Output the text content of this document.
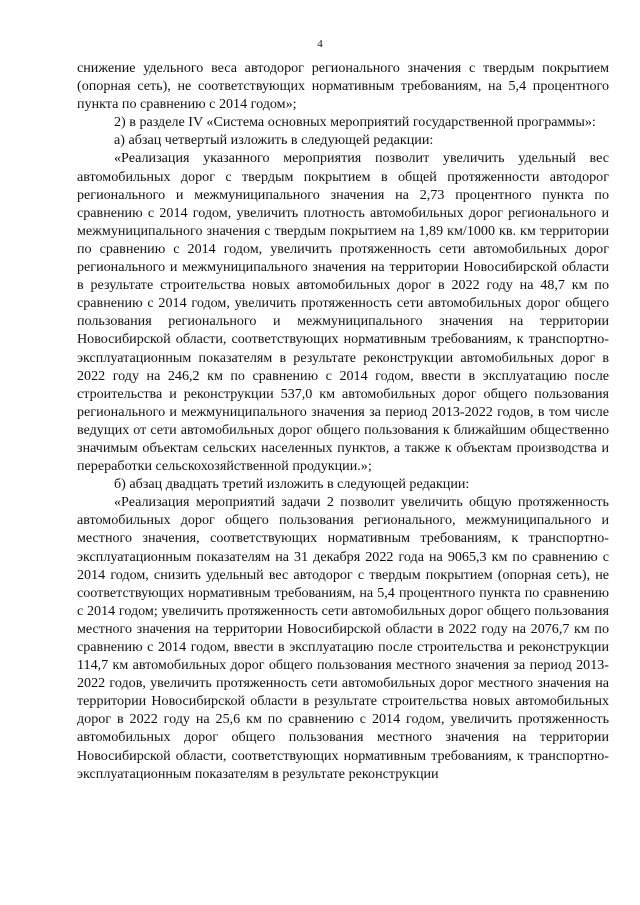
4

снижение удельного веса автодорог регионального значения с твердым покрытием (опорная сеть), не соответствующих нормативным требованиям, на 5,4 процентного пункта по сравнению с 2014 годом»;

2) в разделе IV «Система основных мероприятий государственной программы»:

а) абзац четвертый изложить в следующей редакции:

«Реализация указанного мероприятия позволит увеличить удельный вес автомобильных дорог с твердым покрытием в общей протяженности автодорог регионального и межмуниципального значения на 2,73 процентного пункта по сравнению с 2014 годом, увеличить плотность автомобильных дорог регионального и межмуниципального значения с твердым покрытием на 1,89 км/1000 кв. км территории по сравнению с 2014 годом, увеличить протяженность сети автомобильных дорог регионального и межмуниципального значения на территории Новосибирской области в результате строительства новых автомобильных дорог в 2022 году на 48,7 км по сравнению с 2014 годом, увеличить протяженность сети автомобильных дорог общего пользования регионального и межмуниципального значения на территории Новосибирской области, соответствующих нормативным требованиям, к транспортно-эксплуатационным показателям в результате реконструкции автомобильных дорог в 2022 году на 246,2 км по сравнению с 2014 годом, ввести в эксплуатацию после строительства и реконструкции 537,0 км автомобильных дорог общего пользования регионального и межмуниципального значения за период 2013-2022 годов, в том числе ведущих от сети автомобильных дорог общего пользования к ближайшим общественно значимым объектам сельских населенных пунктов, а также к объектам производства и переработки сельскохозяйственной продукции.»;

б) абзац двадцать третий изложить в следующей редакции:

«Реализация мероприятий задачи 2 позволит увеличить общую протяженность автомобильных дорог общего пользования регионального, межмуниципального и местного значения, соответствующих нормативным требованиям, к транспортно-эксплуатационным показателям на 31 декабря 2022 года на 9065,3 км по сравнению с 2014 годом, снизить удельный вес автодорог с твердым покрытием (опорная сеть), не соответствующих нормативным требованиям, на 5,4 процентного пункта по сравнению с 2014 годом; увеличить протяженность сети автомобильных дорог общего пользования местного значения на территории Новосибирской области в 2022 году на 2076,7 км по сравнению с 2014 годом, ввести в эксплуатацию после строительства и реконструкции 114,7 км автомобильных дорог общего пользования местного значения за период 2013-2022 годов, увеличить протяженность сети автомобильных дорог местного значения на территории Новосибирской области в результате строительства новых автомобильных дорог в 2022 году на 25,6 км по сравнению с 2014 годом, увеличить протяженность автомобильных дорог общего пользования местного значения на территории Новосибирской области, соответствующих нормативным требованиям, к транспортно-эксплуатационным показателям в результате реконструкции
